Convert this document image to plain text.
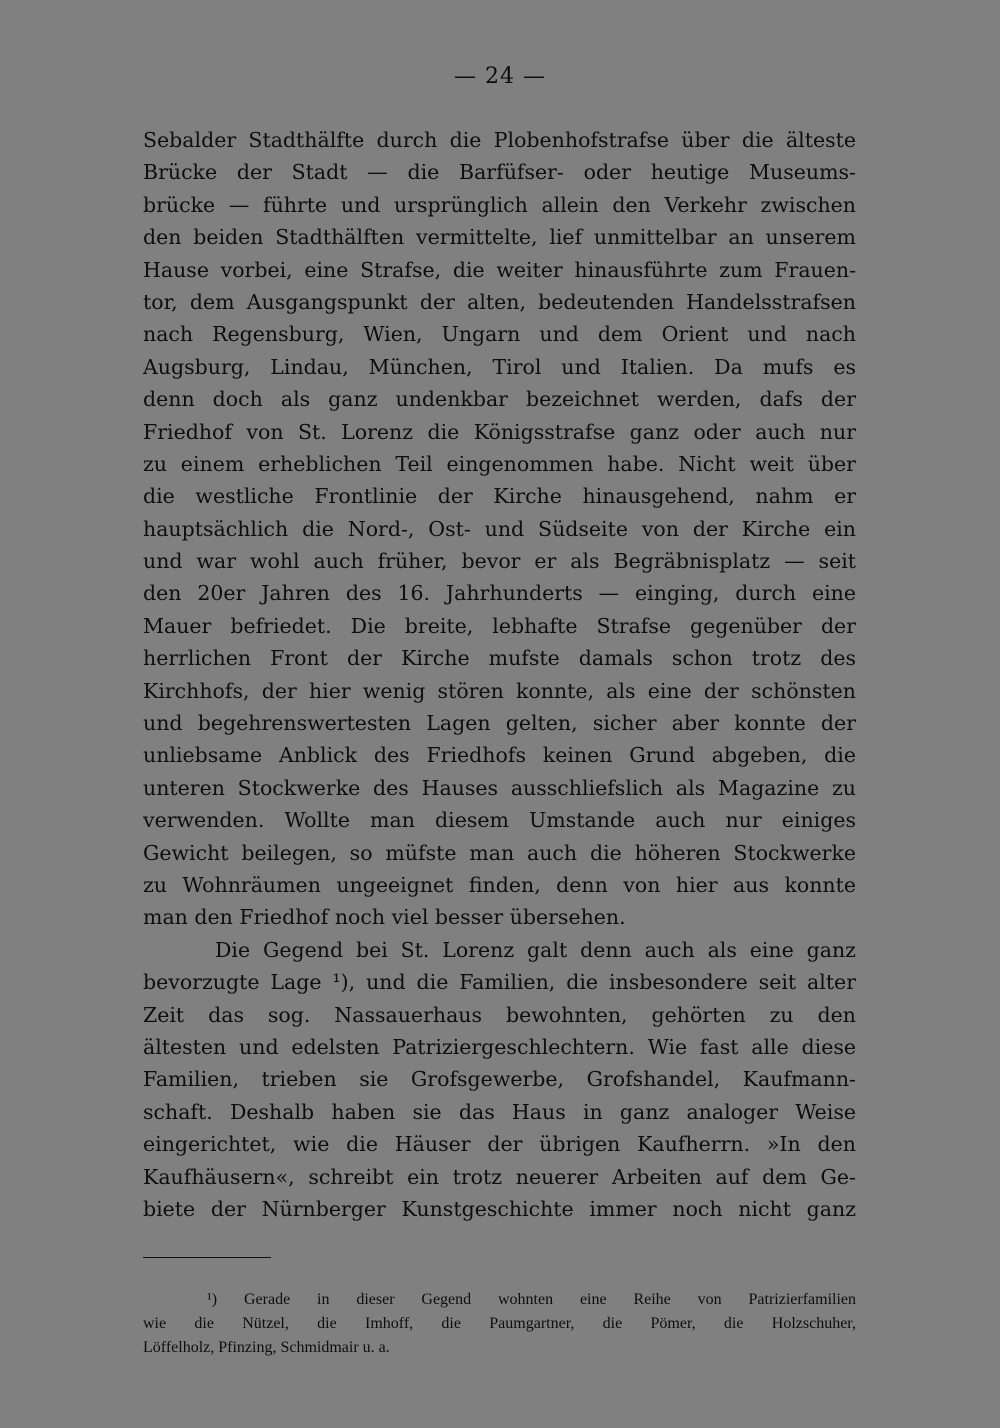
— 24 —
Sebalder Stadthälfte durch die Plobenhofstrafse über die älteste
Brücke der Stadt — die Barfüfser- oder heutige Museums-
brücke — führte und ursprünglich allein den Verkehr zwischen
den beiden Stadthälften vermittelte, lief unmittelbar an unserem
Hause vorbei, eine Strafse, die weiter hinausführte zum Frauen-
tor, dem Ausgangspunkt der alten, bedeutenden Handelsstrafsen
nach Regensburg, Wien, Ungarn und dem Orient und nach
Augsburg, Lindau, München, Tirol und Italien. Da mufs es
denn doch als ganz undenkbar bezeichnet werden, dafs der
Friedhof von St. Lorenz die Königsstrafse ganz oder auch nur
zu einem erheblichen Teil eingenommen habe. Nicht weit über
die westliche Frontlinie der Kirche hinausgehend, nahm er
hauptsächlich die Nord-, Ost- und Südseite von der Kirche ein
und war wohl auch früher, bevor er als Begräbnisplatz — seit
den 20er Jahren des 16. Jahrhunderts — einging, durch eine
Mauer befriedet. Die breite, lebhafte Strafse gegenüber der
herrlichen Front der Kirche mufste damals schon trotz des
Kirchhofs, der hier wenig stören konnte, als eine der schönsten
und begehrenswertesten Lagen gelten, sicher aber konnte der
unliebsame Anblick des Friedhofs keinen Grund abgeben, die
unteren Stockwerke des Hauses ausschliefslich als Magazine zu
verwenden. Wollte man diesem Umstande auch nur einiges
Gewicht beilegen, so müfste man auch die höheren Stockwerke
zu Wohnräumen ungeeignet finden, denn von hier aus konnte
man den Friedhof noch viel besser übersehen.
Die Gegend bei St. Lorenz galt denn auch als eine ganz
bevorzugte Lage ¹), und die Familien, die insbesondere seit alter
Zeit das sog. Nassauerhaus bewohnten, gehörten zu den
ältesten und edelsten Patriziergeschlechtern. Wie fast alle diese
Familien, trieben sie Grofsgewerbe, Grofshandel, Kaufmann-
schaft. Deshalb haben sie das Haus in ganz analoger Weise
eingerichtet, wie die Häuser der übrigen Kaufherrn. »In den
Kaufhäusern«, schreibt ein trotz neuerer Arbeiten auf dem Ge-
biete der Nürnberger Kunstgeschichte immer noch nicht ganz
¹) Gerade in dieser Gegend wohnten eine Reihe von Patrizierfamilien
wie die Nützel, die Imhoff, die Paumgartner, die Pömer, die Holzschuher,
Löffelholz, Pfinzing, Schmidmair u. a.
